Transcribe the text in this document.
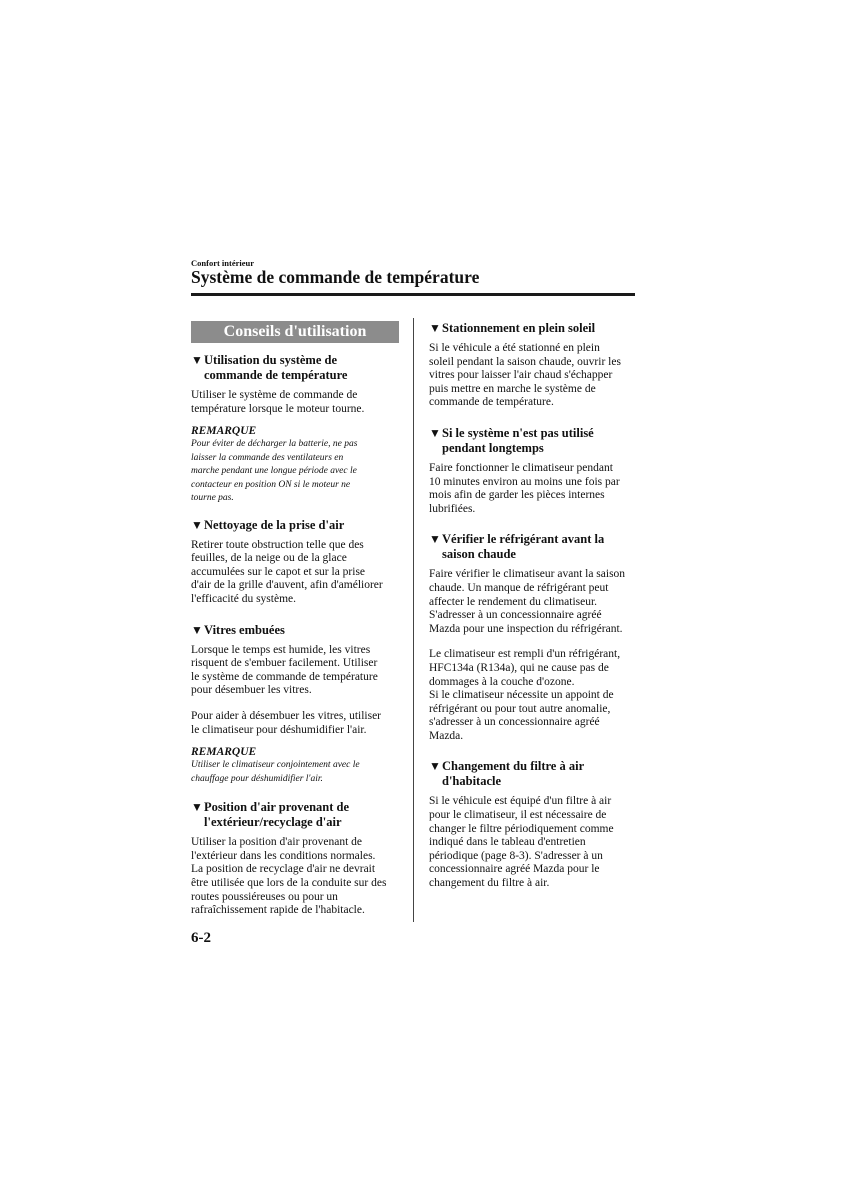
Confort intérieur
Système de commande de température
Conseils d'utilisation
▼ Utilisation du système de
commande de température

Utiliser le système de commande de
température lorsque le moteur tourne.

REMARQUE

Pour éviter de décharger la batterie, ne pas
laisser la commande des ventilateurs en
marche pendant une longue période avec le
contacteur en position ON si le moteur ne
tourne pas.

▼ Nettoyage de la prise d'air

Retirer toute obstruction telle que des
feuilles, de la neige ou de la glace
accumulées sur le capot et sur la prise
d'air de la grille d'auvent, afin d'améliorer
l'efficacité du système.

▼ Vitres embuées

Lorsque le temps est humide, les vitres
risquent de s'embuer facilement. Utiliser
le système de commande de température
pour désembuer les vitres.

Pour aider à désembuer les vitres, utiliser
le climatiseur pour déshumidifier l'air.

REMARQUE

Utiliser le climatiseur conjointement avec le
chauffage pour déshumidifier l'air.

▼ Position d'air provenant de
l'extérieur/recyclage d'air

Utiliser la position d'air provenant de
l'extérieur dans les conditions normales.
La position de recyclage d'air ne devrait
être utilisée que lors de la conduite sur des
routes poussiéreuses ou pour un
rafraîchissement rapide de l'habitacle.

▼ Stationnement en plein soleil

Si le véhicule a été stationné en plein
soleil pendant la saison chaude, ouvrir les
vitres pour laisser l'air chaud s'échapper
puis mettre en marche le système de
commande de température.

▼ Si le système n'est pas utilisé
pendant longtemps

Faire fonctionner le climatiseur pendant
10 minutes environ au moins une fois par
mois afin de garder les pièces internes
lubrifiées.

▼ Vérifier le réfrigérant avant la
saison chaude

Faire vérifier le climatiseur avant la saison
chaude. Un manque de réfrigérant peut
affecter le rendement du climatiseur.
S'adresser à un concessionnaire agréé
Mazda pour une inspection du réfrigérant.

Le climatiseur est rempli d'un réfrigérant,
HFC134a (R134a), qui ne cause pas de
dommages à la couche d'ozone.
Si le climatiseur nécessite un appoint de
réfrigérant ou pour tout autre anomalie,
s'adresser à un concessionnaire agréé
Mazda.

▼ Changement du filtre à air
d'habitacle

Si le véhicule est équipé d'un filtre à air
pour le climatiseur, il est nécessaire de
changer le filtre périodiquement comme
indiqué dans le tableau d'entretien
périodique (page 8-3). S'adresser à un
concessionnaire agréé Mazda pour le
changement du filtre à air.

6-2
